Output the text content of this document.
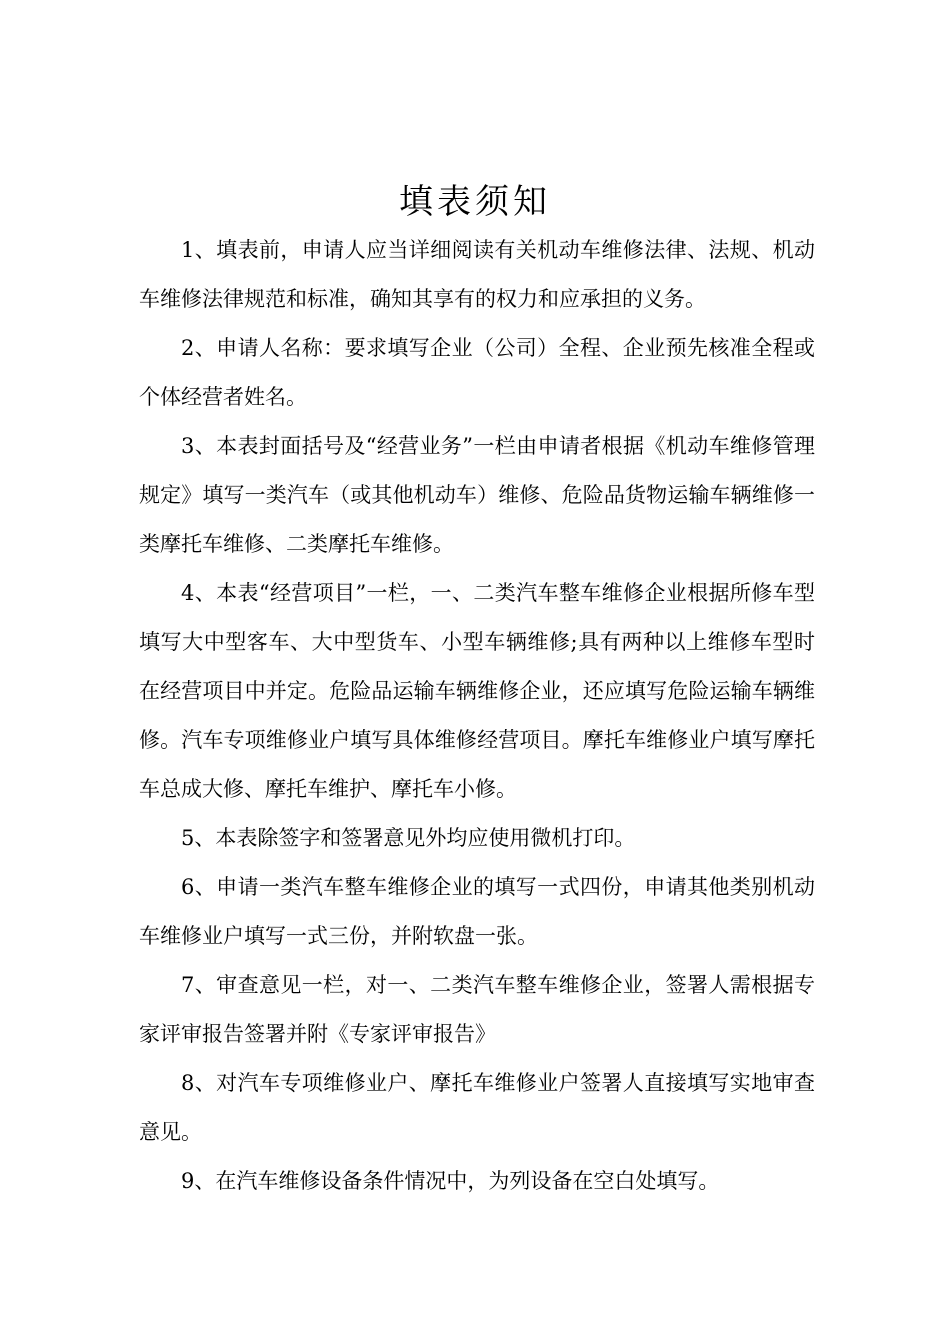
填表须知

1、填表前，申请人应当详细阅读有关机动车维修法律、法规、机动车维修法律规范和标准，确知其享有的权力和应承担的义务。

2、申请人名称：要求填写企业（公司）全程、企业预先核准全程或个体经营者姓名。

3、本表封面括号及“经营业务”一栏由申请者根据《机动车维修管理规定》填写一类汽车（或其他机动车）维修、危险品货物运输车辆维修一类摩托车维修、二类摩托车维修。

4、本表“经营项目”一栏，一、二类汽车整车维修企业根据所修车型填写大中型客车、大中型货车、小型车辆维修;具有两种以上维修车型时在经营项目中并定。危险品运输车辆维修企业，还应填写危险运输车辆维修。汽车专项维修业户填写具体维修经营项目。摩托车维修业户填写摩托车总成大修、摩托车维护、摩托车小修。

5、本表除签字和签署意见外均应使用微机打印。

6、申请一类汽车整车维修企业的填写一式四份，申请其他类别机动车维修业户填写一式三份，并附软盘一张。

7、审查意见一栏，对一、二类汽车整车维修企业，签署人需根据专家评审报告签署并附《专家评审报告》

8、对汽车专项维修业户、摩托车维修业户签署人直接填写实地审查意见。

9、在汽车维修设备条件情况中，为列设备在空白处填写。
